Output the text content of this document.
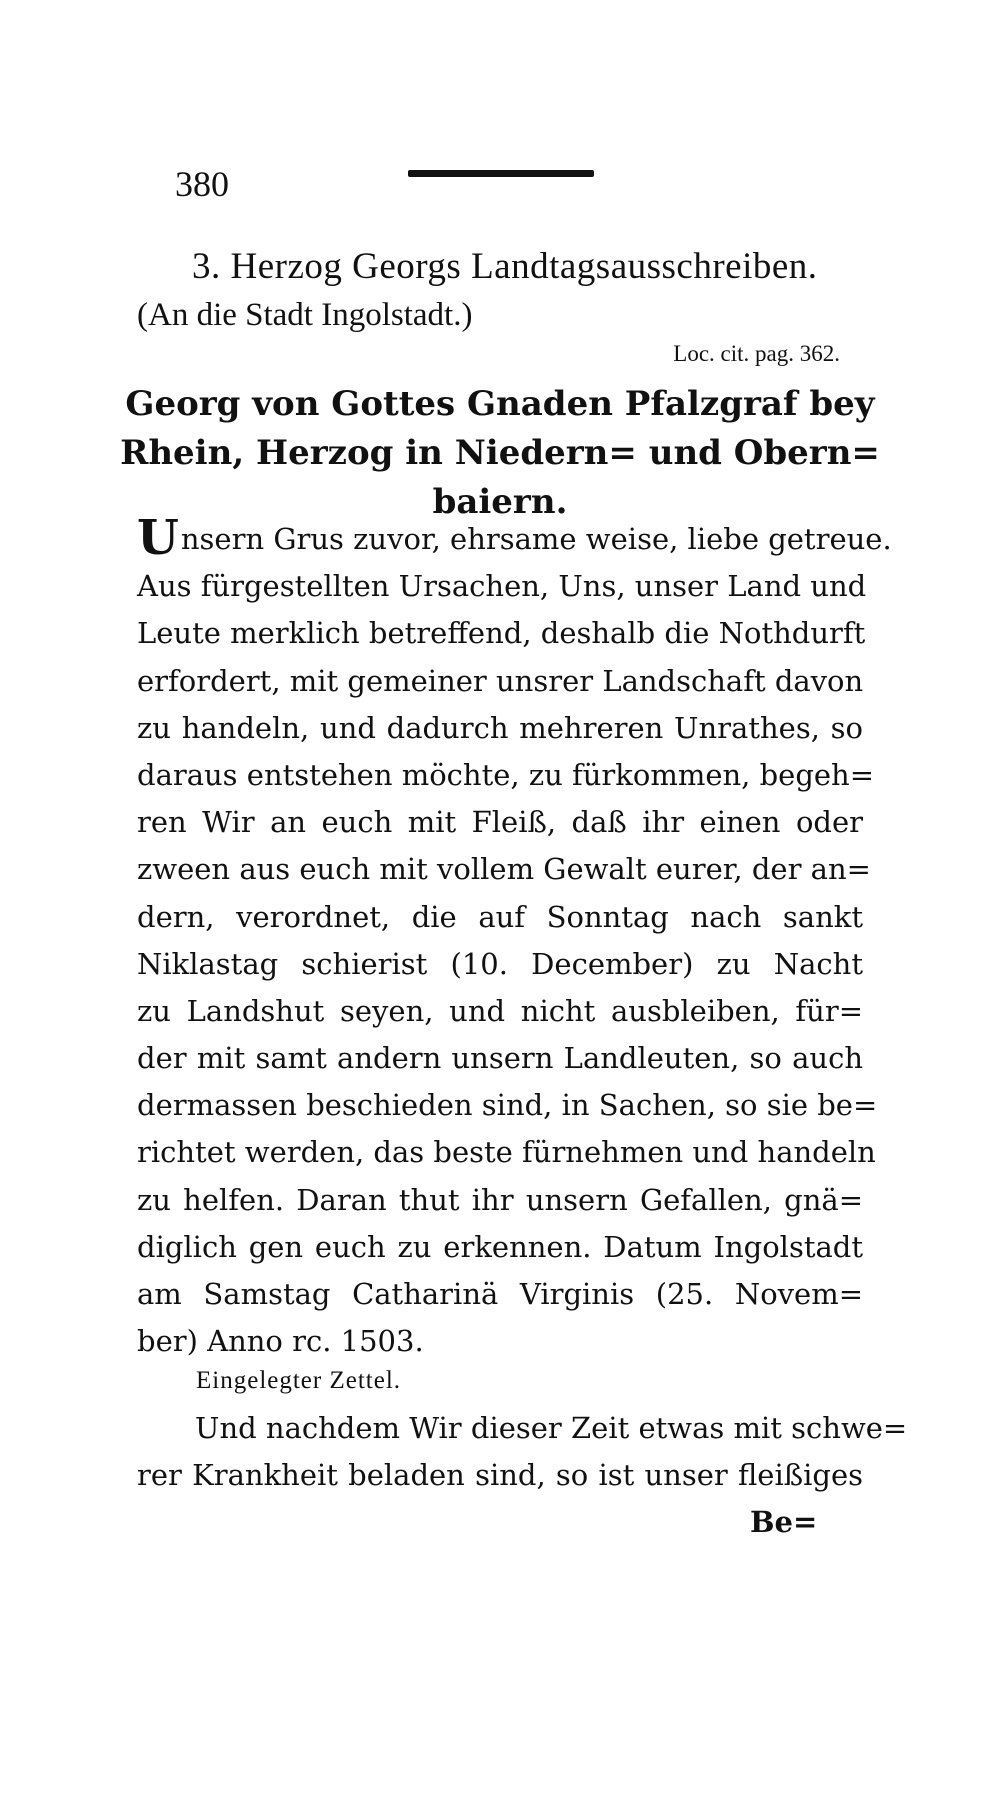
380
3. Herzog Georgs Landtagsausschreiben.
(An die Stadt Ingolstadt.)
Loc. cit. pag. 362.
Georg von Gottes Gnaden Pfalzgraf bey
Rhein, Herzog in Niedern= und Obern=
baiern.
Unsern Grus zuvor, ehrsame weise, liebe getreue.
Aus fürgestellten Ursachen, Uns, unser Land und
Leute merklich betreffend, deshalb die Nothdurft
erfordert, mit gemeiner unsrer Landschaft davon
zu handeln, und dadurch mehreren Unrathes, so
daraus entstehen möchte, zu fürkommen, begeh=
ren Wir an euch mit Fleiß, daß ihr einen oder
zween aus euch mit vollem Gewalt eurer, der an=
dern, verordnet, die auf Sonntag nach sankt
Niklastag schierist (10. December) zu Nacht
zu Landshut seyen, und nicht ausbleiben, für=
der mit samt andern unsern Landleuten, so auch
dermassen beschieden sind, in Sachen, so sie be=
richtet werden, das beste fürnehmen und handeln
zu helfen. Daran thut ihr unsern Gefallen, gnä=
diglich gen euch zu erkennen. Datum Ingolstadt
am Samstag Catharinä Virginis (25. Novem=
ber) Anno rc. 1503.
Eingelegter Zettel.
Und nachdem Wir dieser Zeit etwas mit schwe=
rer Krankheit beladen sind, so ist unser fleißiges
Be=
